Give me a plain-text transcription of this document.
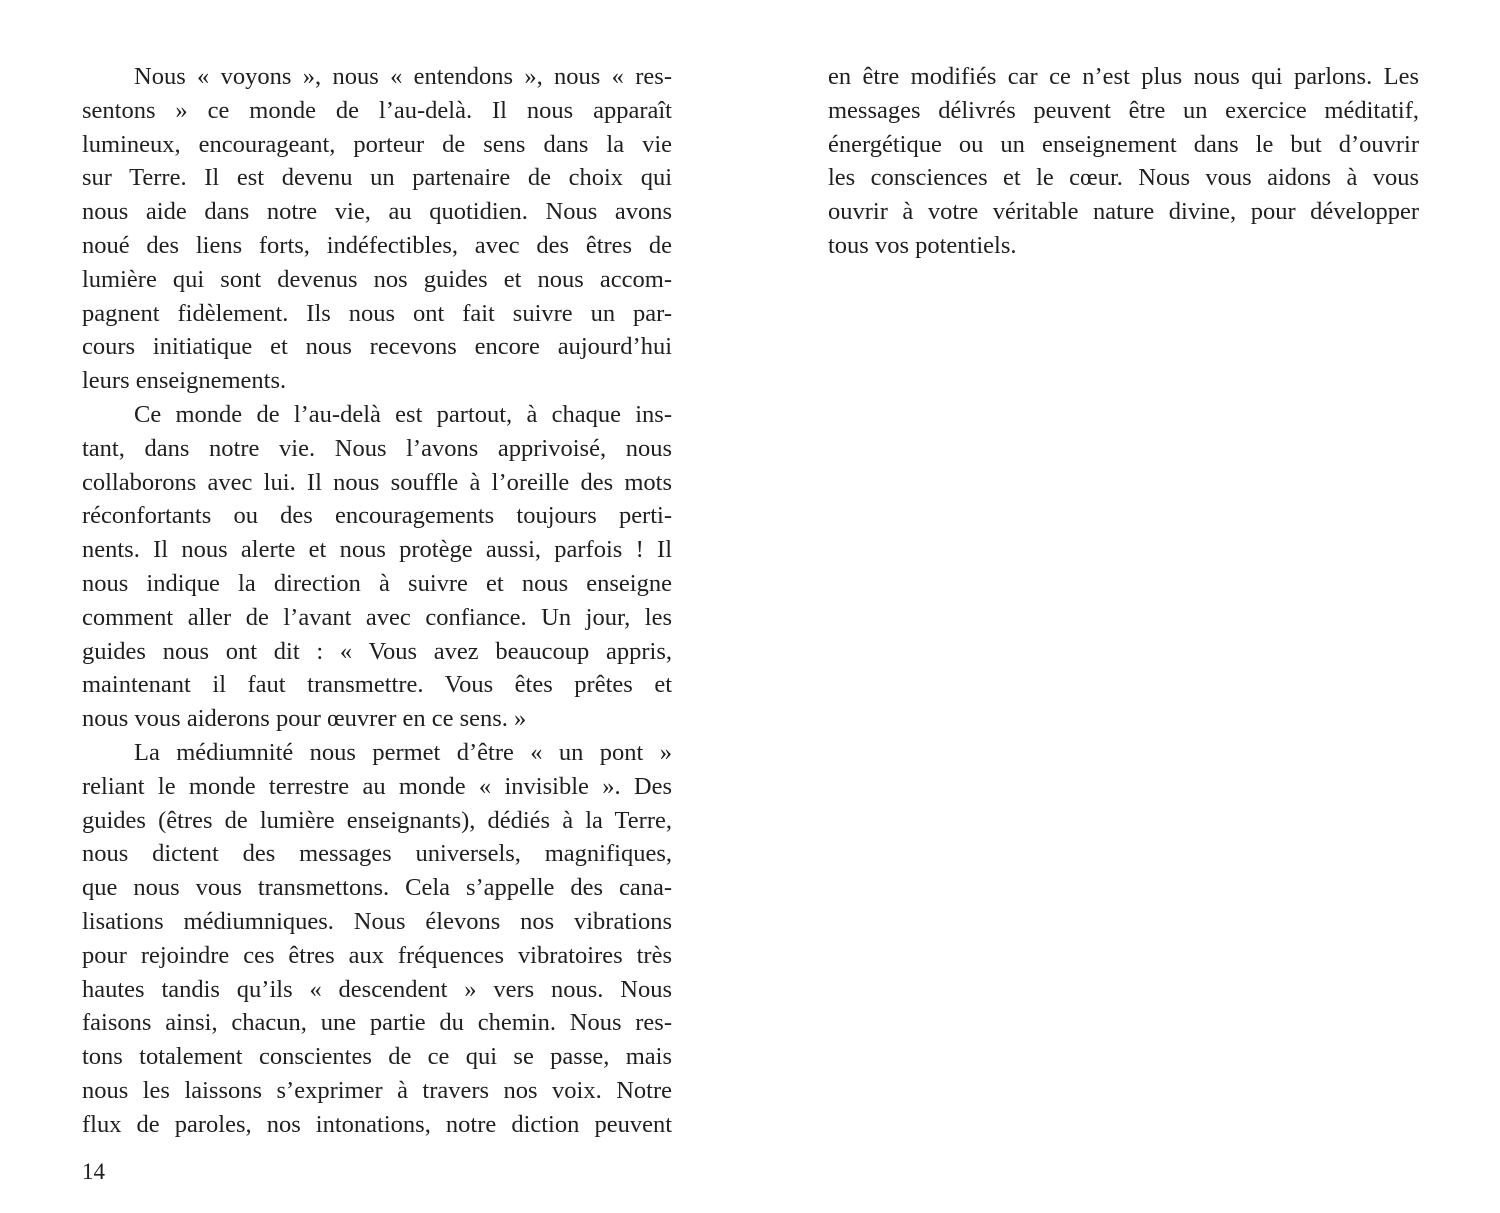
Nous « voyons », nous « entendons », nous « res-
sentons » ce monde de l’au-delà. Il nous apparaît
lumineux, encourageant, porteur de sens dans la vie
sur Terre. Il est devenu un partenaire de choix qui
nous aide dans notre vie, au quotidien. Nous avons
noué des liens forts, indéfectibles, avec des êtres de
lumière qui sont devenus nos guides et nous accom-
pagnent fidèlement. Ils nous ont fait suivre un par-
cours initiatique et nous recevons encore aujourd’hui
leurs enseignements.
Ce monde de l’au-delà est partout, à chaque ins-
tant, dans notre vie. Nous l’avons apprivoisé, nous
collaborons avec lui. Il nous souffle à l’oreille des mots
réconfortants ou des encouragements toujours perti-
nents. Il nous alerte et nous protège aussi, parfois ! Il
nous indique la direction à suivre et nous enseigne
comment aller de l’avant avec confiance. Un jour, les
guides nous ont dit : « Vous avez beaucoup appris,
maintenant il faut transmettre. Vous êtes prêtes et
nous vous aiderons pour œuvrer en ce sens. »
La médiumnité nous permet d’être « un pont »
reliant le monde terrestre au monde « invisible ». Des
guides (êtres de lumière enseignants), dédiés à la Terre,
nous dictent des messages universels, magnifiques,
que nous vous transmettons. Cela s’appelle des cana-
lisations médiumniques. Nous élevons nos vibrations
pour rejoindre ces êtres aux fréquences vibratoires très
hautes tandis qu’ils « descendent » vers nous. Nous
faisons ainsi, chacun, une partie du chemin. Nous res-
tons totalement conscientes de ce qui se passe, mais
nous les laissons s’exprimer à travers nos voix. Notre
flux de paroles, nos intonations, notre diction peuvent
14
en être modifiés car ce n’est plus nous qui parlons. Les
messages délivrés peuvent être un exercice méditatif,
énergétique ou un enseignement dans le but d’ouvrir
les consciences et le cœur. Nous vous aidons à vous
ouvrir à votre véritable nature divine, pour développer
tous vos potentiels.
